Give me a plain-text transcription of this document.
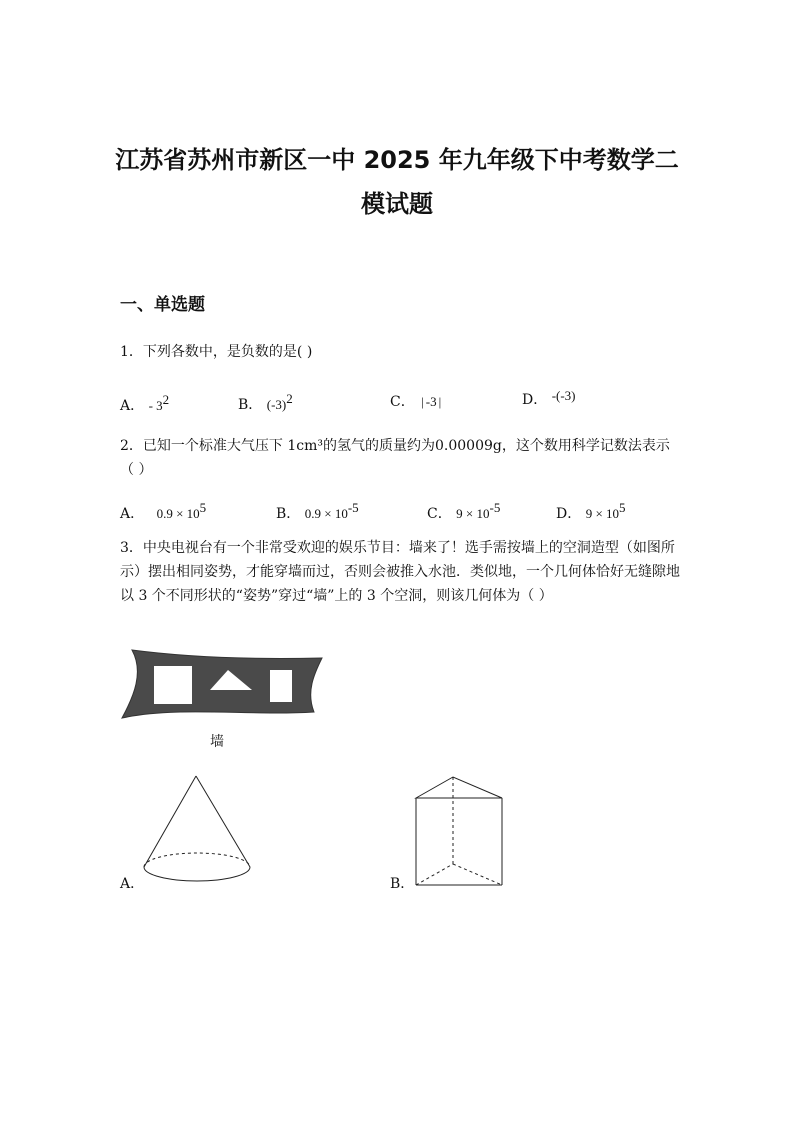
江苏省苏州市新区一中 2025 年九年级下中考数学二
模试题
一、单选题
1．下列各数中，是负数的是( )
A． - $3^2$	B． $(-3)^2$	C． | -3 |	D． -(-3)
2．已知一个标准大气压下 1cm³的氢气的质量约为0.00009g，这个数用科学记数法表示（ ）
A． $0.9 \times 10^5$	B． $0.9 \times 10^{-5}$	C． $9 \times 10^{-5}$	D． $9 \times 10^5$
3．中央电视台有一个非常受欢迎的娱乐节目：墙来了！选手需按墙上的空洞造型（如图所示）摆出相同姿势，才能穿墙而过，否则会被推入水池．类似地，一个几何体恰好无缝隙地以 3 个不同形状的“姿势”穿过“墙”上的 3 个空洞，则该几何体为（ ）
墙
A．	B．
